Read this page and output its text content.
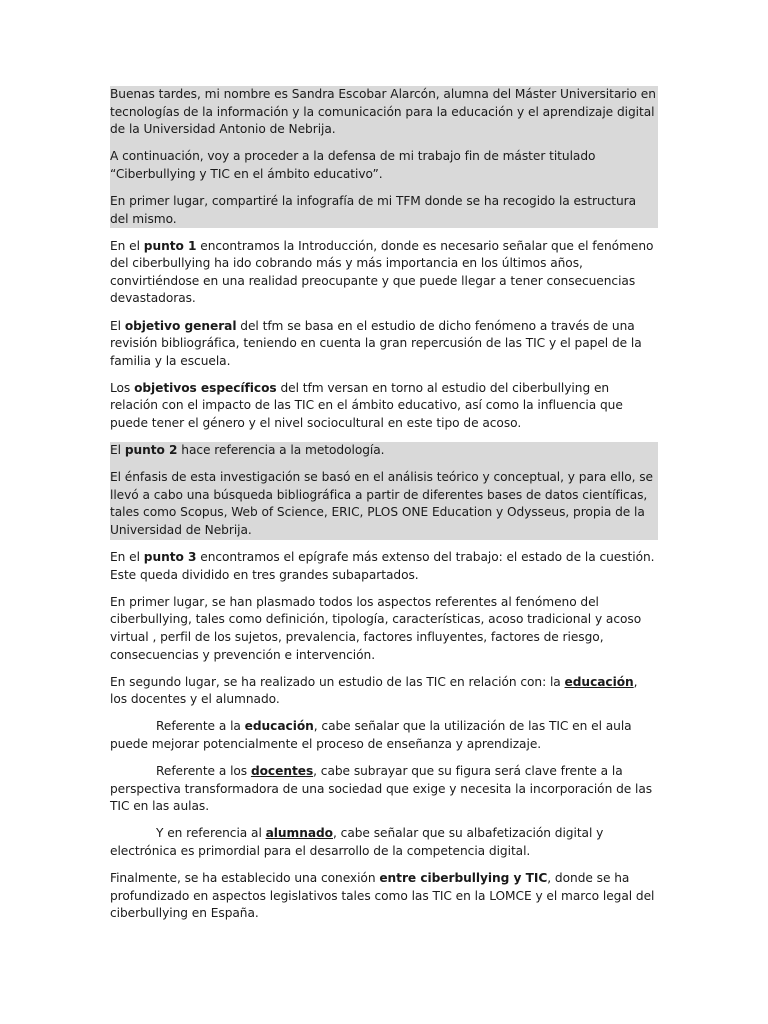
Buenas tardes, mi nombre es Sandra Escobar Alarcón, alumna del Máster Universitario en tecnologías de la información y la comunicación para la educación y el aprendizaje digital de la Universidad Antonio de Nebrija.

A continuación, voy a proceder a la defensa de mi trabajo fin de máster titulado “Ciberbullying y TIC en el ámbito educativo”.

En primer lugar, compartiré la infografía de mi TFM donde se ha recogido la estructura del mismo.

En el punto 1 encontramos la Introducción, donde es necesario señalar que el fenómeno del ciberbullying ha ido cobrando más y más importancia en los últimos años, convirtiéndose en una realidad preocupante y que puede llegar a tener consecuencias devastadoras.

El objetivo general del tfm se basa en el estudio de dicho fenómeno a través de una revisión bibliográfica, teniendo en cuenta la gran repercusión de las TIC y el papel de la familia y la escuela.

Los objetivos específicos del tfm versan en torno al estudio del ciberbullying en relación con el impacto de las TIC en el ámbito educativo, así como la influencia que puede tener el género y el nivel sociocultural en este tipo de acoso.

El punto 2 hace referencia a la metodología.

El énfasis de esta investigación se basó en el análisis teórico y conceptual, y para ello, se llevó a cabo una búsqueda bibliográfica a partir de diferentes bases de datos científicas, tales como Scopus, Web of Science, ERIC, PLOS ONE Education y Odysseus, propia de la Universidad de Nebrija.

En el punto 3 encontramos el epígrafe más extenso del trabajo: el estado de la cuestión. Este queda dividido en tres grandes subapartados.

En primer lugar, se han plasmado todos los aspectos referentes al fenómeno del ciberbullying, tales como definición, tipología, características, acoso tradicional y acoso virtual , perfil de los sujetos, prevalencia, factores influyentes, factores de riesgo, consecuencias y prevención e intervención.

En segundo lugar, se ha realizado un estudio de las TIC en relación con: la educación, los docentes y el alumnado.

Referente a la educación, cabe señalar que la utilización de las TIC en el aula puede mejorar potencialmente el proceso de enseñanza y aprendizaje.

Referente a los docentes, cabe subrayar que su figura será clave frente a la perspectiva transformadora de una sociedad que exige y necesita la incorporación de las TIC en las aulas.

Y en referencia al alumnado, cabe señalar que su albafetización digital y electrónica es primordial para el desarrollo de la competencia digital.

Finalmente, se ha establecido una conexión entre ciberbullying y TIC, donde se ha profundizado en aspectos legislativos tales como las TIC en la LOMCE y el marco legal del ciberbullying en España.
